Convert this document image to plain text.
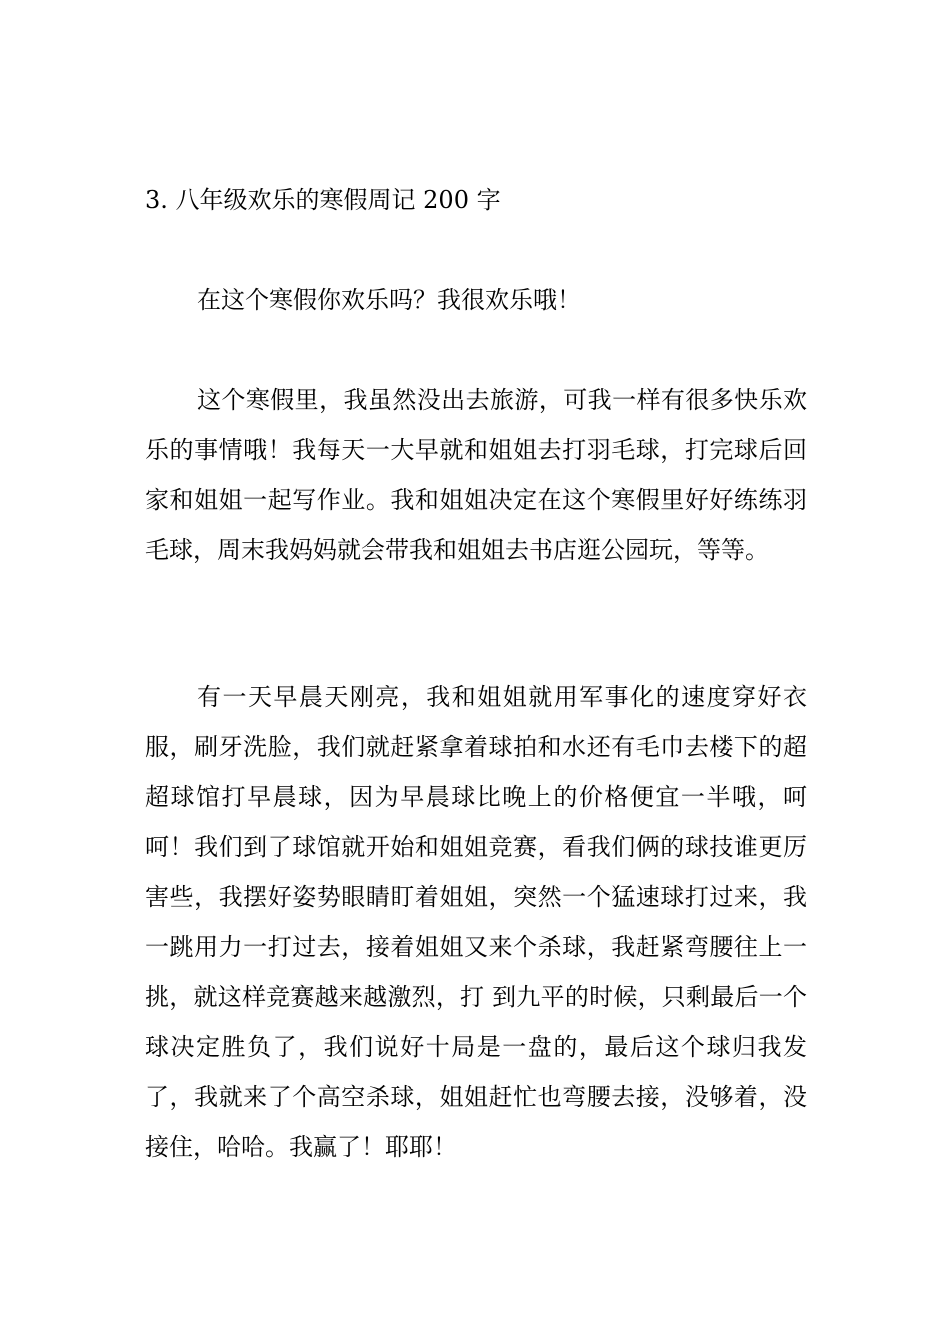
3. 八年级欢乐的寒假周记 200 字

在这个寒假你欢乐吗？我很欢乐哦！

这个寒假里，我虽然没出去旅游，可我一样有很多快乐欢乐的事情哦！我每天一大早就和姐姐去打羽毛球，打完球后回家和姐姐一起写作业。我和姐姐决定在这个寒假里好好练练羽毛球，周末我妈妈就会带我和姐姐去书店逛公园玩，等等。

有一天早晨天刚亮，我和姐姐就用军事化的速度穿好衣服，刷牙洗脸，我们就赶紧拿着球拍和水还有毛巾去楼下的超超球馆打早晨球，因为早晨球比晚上的价格便宜一半哦，呵呵！我们到了球馆就开始和姐姐竞赛，看我们俩的球技谁更厉害些，我摆好姿势眼睛盯着姐姐，突然一个猛速球打过来，我一跳用力一打过去，接着姐姐又来个杀球，我赶紧弯腰往上一挑，就这样竞赛越来越激烈，打 到九平的时候，只剩最后一个球决定胜负了，我们说好十局是一盘的，最后这个球归我发了，我就来了个高空杀球，姐姐赶忙也弯腰去接，没够着，没接住，哈哈。我赢了！耶耶！
